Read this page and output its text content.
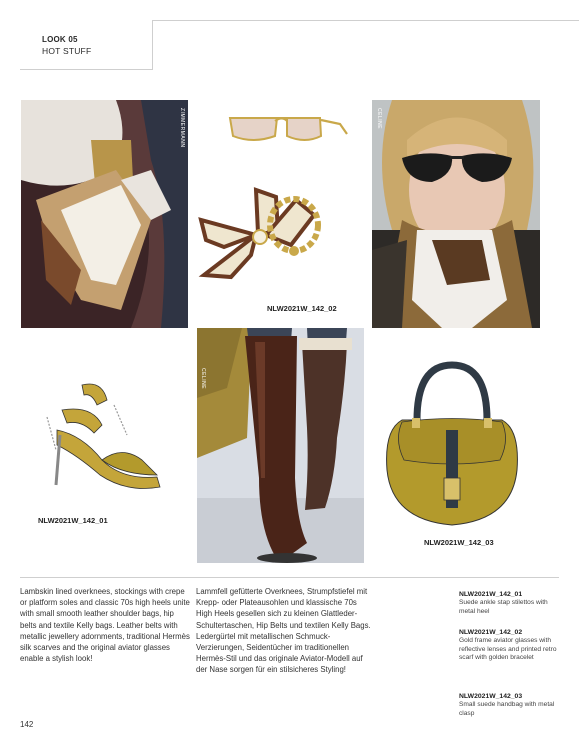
LOOK 05
HOT STUFF
ZIMMERMANN	CELINE
CELINE
NLW2021W_142_02
NLW2021W_142_01
NLW2021W_142_03
Lambskin lined overknees, stockings with crepe or platform soles and classic 70s high heels unite with small smooth leather shoulder bags, hip belts and textile Kelly bags. Leather belts with metallic jewellery adornments, traditional Hermès silk scarves and the original aviator glasses enable a stylish look!
Lammfell gefütterte Overknees, Strumpfstiefel mit Krepp- oder Plateausohlen und klassische 70s High Heels gesellen sich zu kleinen Glattleder-Schultertaschen, Hip Belts und textilen Kelly Bags. Ledergürtel mit metallischen Schmuck-Verzierungen, Seidentücher im traditionellen Hermès-Stil und das originale Aviator-Modell auf der Nase sorgen für ein stilsicheres Styling!
NLW2021W_142_01
Suede ankle stap stilettos with metal heel
NLW2021W_142_02
Gold frame aviator glasses with reflective lenses and printed retro scarf with golden bracelet
NLW2021W_142_03
Small suede handbag with metal clasp
142
